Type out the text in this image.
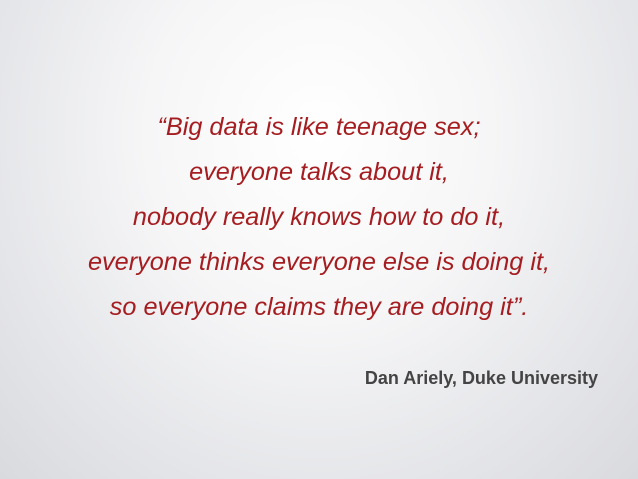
“Big data is like teenage sex;
everyone talks about it,
nobody really knows how to do it,
everyone thinks everyone else is doing it,
so everyone claims they are doing it”.
Dan Ariely, Duke University
